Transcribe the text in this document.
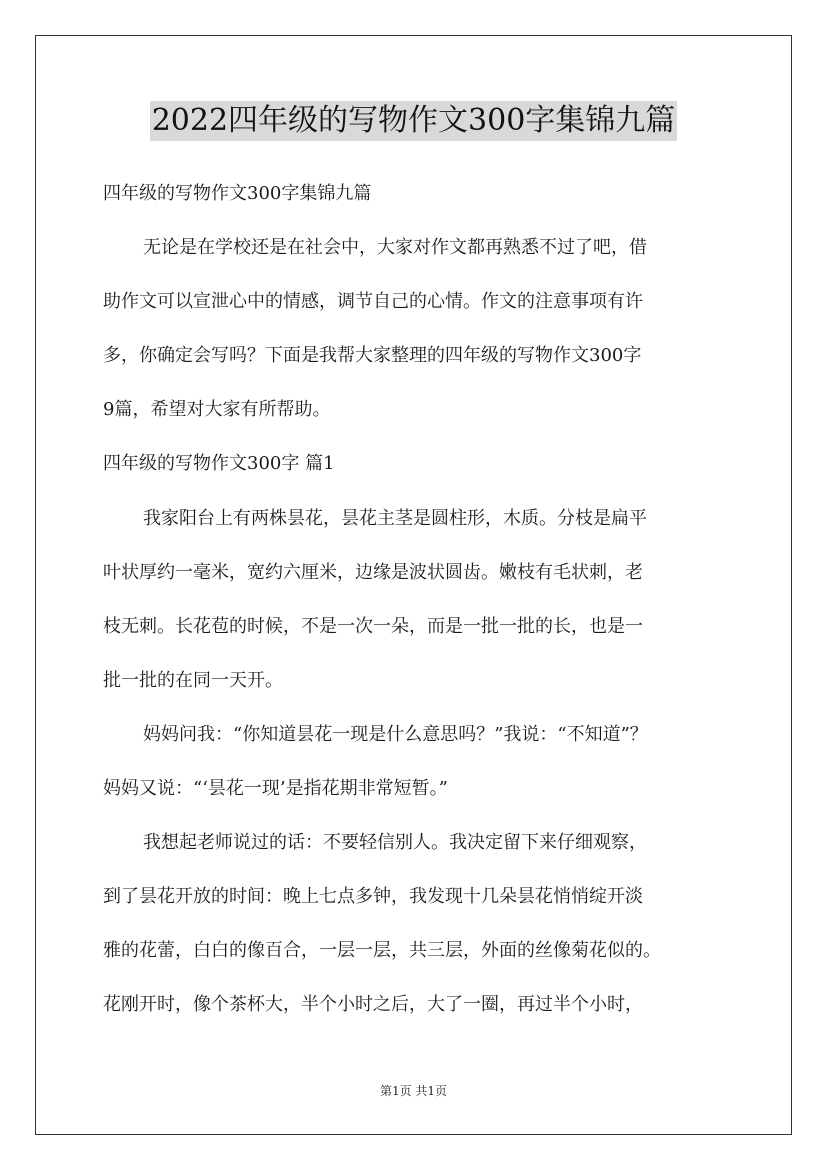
2022四年级的写物作文300字集锦九篇
四年级的写物作文300字集锦九篇
无论是在学校还是在社会中，大家对作文都再熟悉不过了吧，借
助作文可以宣泄心中的情感，调节自己的心情。作文的注意事项有许
多，你确定会写吗？下面是我帮大家整理的四年级的写物作文300字
9篇，希望对大家有所帮助。
四年级的写物作文300字 篇1
我家阳台上有两株昙花，昙花主茎是圆柱形，木质。分枝是扁平
叶状厚约一毫米，宽约六厘米，边缘是波状圆齿。嫩枝有毛状刺，老
枝无刺。长花苞的时候，不是一次一朵，而是一批一批的长，也是一
批一批的在同一天开。
妈妈问我：“你知道昙花一现是什么意思吗？”我说：“不知道”？
妈妈又说：“‘昙花一现’是指花期非常短暂。”
我想起老师说过的话：不要轻信别人。我决定留下来仔细观察，
到了昙花开放的时间：晚上七点多钟，我发现十几朵昙花悄悄绽开淡
雅的花蕾，白白的像百合，一层一层，共三层，外面的丝像菊花似的。
花刚开时，像个茶杯大，半个小时之后，大了一圈，再过半个小时，
第1页 共1页
